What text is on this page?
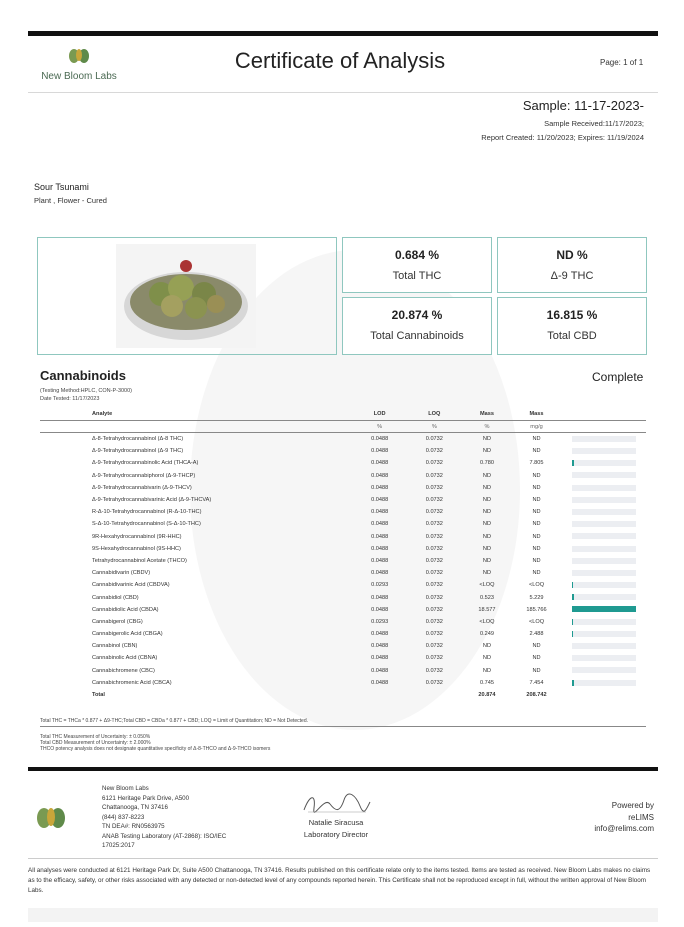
New Bloom Labs
Certificate of Analysis	Page: 1 of 1
Sample: 11-17-2023-
Sample Received:11/17/2023;
Report Created: 11/20/2023; Expires: 11/19/2024
Sour Tsunami
Plant , Flower - Cured
0.684 %
Total THC
ND %
Δ-9 THC
20.874 %
Total Cannabinoids
16.815 %
Total CBD
Cannabinoids	Complete
(Testing Method:HPLC, CON-P-3000)
Date Tested: 11/17/2023
Analyte	LOD	LOQ	Mass	Mass	
	%	%	%	mg/g	
Δ-8-Tetrahydrocannabinol (Δ-8 THC)	0.0488	0.0732	ND	ND	

Δ-9-Tetrahydrocannabinol (Δ-9 THC)	0.0488	0.0732	ND	ND	

Δ-9-Tetrahydrocannabinolic Acid (THCA-A)	0.0488	0.0732	0.780	7.805	

Δ-9-Tetrahydrocannabiphorol (Δ-9-THCP)	0.0488	0.0732	ND	ND	

Δ-9-Tetrahydrocannabivarin (Δ-9-THCV)	0.0488	0.0732	ND	ND	

Δ-9-Tetrahydrocannabivarinic Acid (Δ-9-THCVA)	0.0488	0.0732	ND	ND	

R-Δ-10-Tetrahydrocannabinol (R-Δ-10-THC)	0.0488	0.0732	ND	ND	

S-Δ-10-Tetrahydrocannabinol (S-Δ-10-THC)	0.0488	0.0732	ND	ND	

9R-Hexahydrocannabinol (9R-HHC)	0.0488	0.0732	ND	ND	

9S-Hexahydrocannabinol (9S-HHC)	0.0488	0.0732	ND	ND	

Tetrahydrocannabinol Acetate (THCO)	0.0488	0.0732	ND	ND	

Cannabidivarin (CBDV)	0.0488	0.0732	ND	ND	

Cannabidivarinic Acid (CBDVA)	0.0293	0.0732	<LOQ	<LOQ	

Cannabidiol (CBD)	0.0488	0.0732	0.523	5.229	

Cannabidiolic Acid (CBDA)	0.0488	0.0732	18.577	185.766	

Cannabigerol (CBG)	0.0293	0.0732	<LOQ	<LOQ	

Cannabigerolic Acid (CBGA)	0.0488	0.0732	0.249	2.488	

Cannabinol (CBN)	0.0488	0.0732	ND	ND	

Cannabinolic Acid (CBNA)	0.0488	0.0732	ND	ND	

Cannabichromene (CBC)	0.0488	0.0732	ND	ND	

Cannabichromenic Acid (CBCA)	0.0488	0.0732	0.745	7.454	

Total			20.874	208.742	
Total THC = THCa * 0.877 + Δ9-THC;Total CBD = CBDa * 0.877 + CBD; LOQ = Limit of Quantitation; ND = Not Detected.
Total THC Measurement of Uncertainty: ± 0.050%
Total CBD Measurement of Uncertainty: ± 2.000%
THCO potency analysis does not designate quantitative specificity of Δ-8-THCO and Δ-9-THCO isomers
New Bloom Labs
6121 Heritage Park Drive, A500
Chattanooga, TN 37416
(844) 837-8223
TN DEA#: RN0563975
ANAB Testing Laboratory (AT-2868): ISO/IEC
17025:2017
Natalie Siracusa
Laboratory Director
Powered by
reLIMS
info@relims.com
All analyses were conducted at 6121 Heritage Park Dr, Suite A500 Chattanooga, TN 37416. Results published on this certificate relate only to the items tested. Items are tested as received. New Bloom Labs makes no claims as to the efficacy, safety, or other risks associated with any detected or non-detected level of any compounds reported herein. This Certificate shall not be reproduced except in full, without the written approval of New Bloom Labs.
